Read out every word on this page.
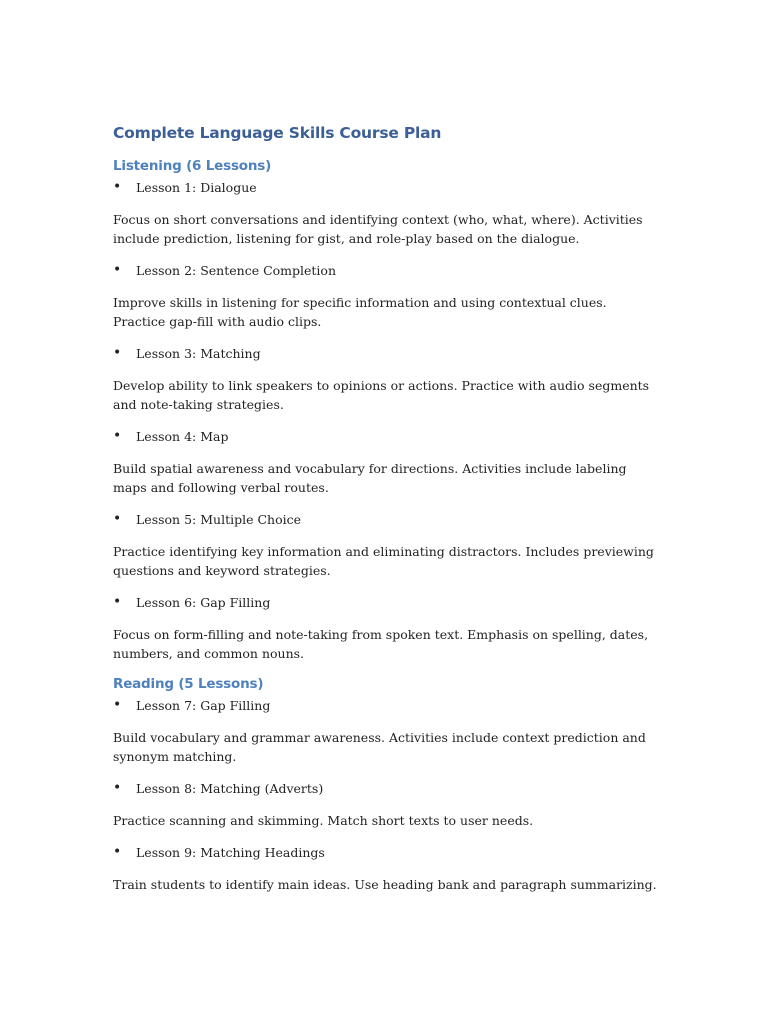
Complete Language Skills Course Plan
Listening (6 Lessons)
• Lesson 1: Dialogue

Focus on short conversations and identifying context (who, what, where). Activities include prediction, listening for gist, and role-play based on the dialogue.

• Lesson 2: Sentence Completion

Improve skills in listening for specific information and using contextual clues. Practice gap-fill with audio clips.

• Lesson 3: Matching

Develop ability to link speakers to opinions or actions. Practice with audio segments and note-taking strategies.

• Lesson 4: Map

Build spatial awareness and vocabulary for directions. Activities include labeling maps and following verbal routes.

• Lesson 5: Multiple Choice

Practice identifying key information and eliminating distractors. Includes previewing questions and keyword strategies.

• Lesson 6: Gap Filling

Focus on form-filling and note-taking from spoken text. Emphasis on spelling, dates, numbers, and common nouns.

Reading (5 Lessons)
• Lesson 7: Gap Filling

Build vocabulary and grammar awareness. Activities include context prediction and synonym matching.

• Lesson 8: Matching (Adverts)

Practice scanning and skimming. Match short texts to user needs.

• Lesson 9: Matching Headings

Train students to identify main ideas. Use heading bank and paragraph summarizing.
